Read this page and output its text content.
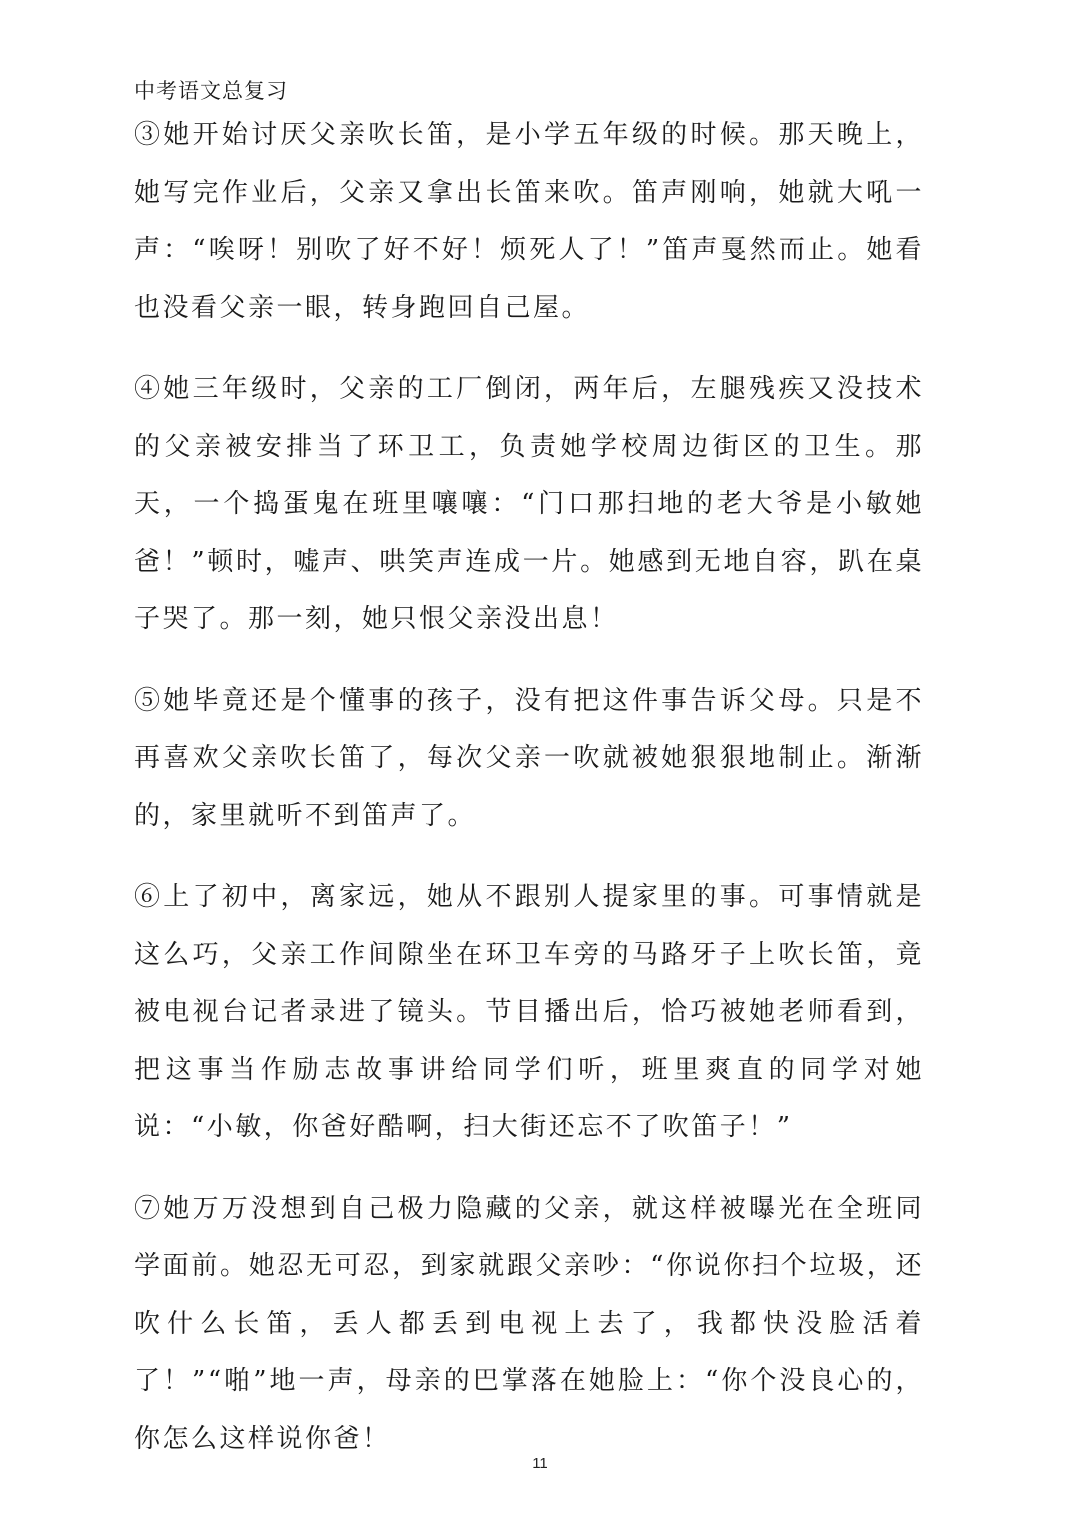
中考语文总复习

③她开始讨厌父亲吹长笛，是小学五年级的时候。那天晚上，她写完作业后，父亲又拿出长笛来吹。笛声刚响，她就大吼一声：“唉呀！别吹了好不好！烦死人了！”笛声戛然而止。她看也没看父亲一眼，转身跑回自己屋。

④她三年级时，父亲的工厂倒闭，两年后，左腿残疾又没技术的父亲被安排当了环卫工，负责她学校周边街区的卫生。那天，一个捣蛋鬼在班里嚷嚷：“门口那扫地的老大爷是小敏她爸！”顿时，嘘声、哄笑声连成一片。她感到无地自容，趴在桌子哭了。那一刻，她只恨父亲没出息！

⑤她毕竟还是个懂事的孩子，没有把这件事告诉父母。只是不再喜欢父亲吹长笛了，每次父亲一吹就被她狠狠地制止。渐渐的，家里就听不到笛声了。

⑥上了初中，离家远，她从不跟别人提家里的事。可事情就是这么巧，父亲工作间隙坐在环卫车旁的马路牙子上吹长笛，竟被电视台记者录进了镜头。节目播出后，恰巧被她老师看到，把这事当作励志故事讲给同学们听，班里爽直的同学对她说：“小敏，你爸好酷啊，扫大街还忘不了吹笛子！”

⑦她万万没想到自己极力隐藏的父亲，就这样被曝光在全班同学面前。她忍无可忍，到家就跟父亲吵：“你说你扫个垃圾，还吹什么长笛，丢人都丢到电视上去了，我都快没脸活着了！”“啪”地一声，母亲的巴掌落在她脸上：“你个没良心的，你怎么这样说你爸！

11
